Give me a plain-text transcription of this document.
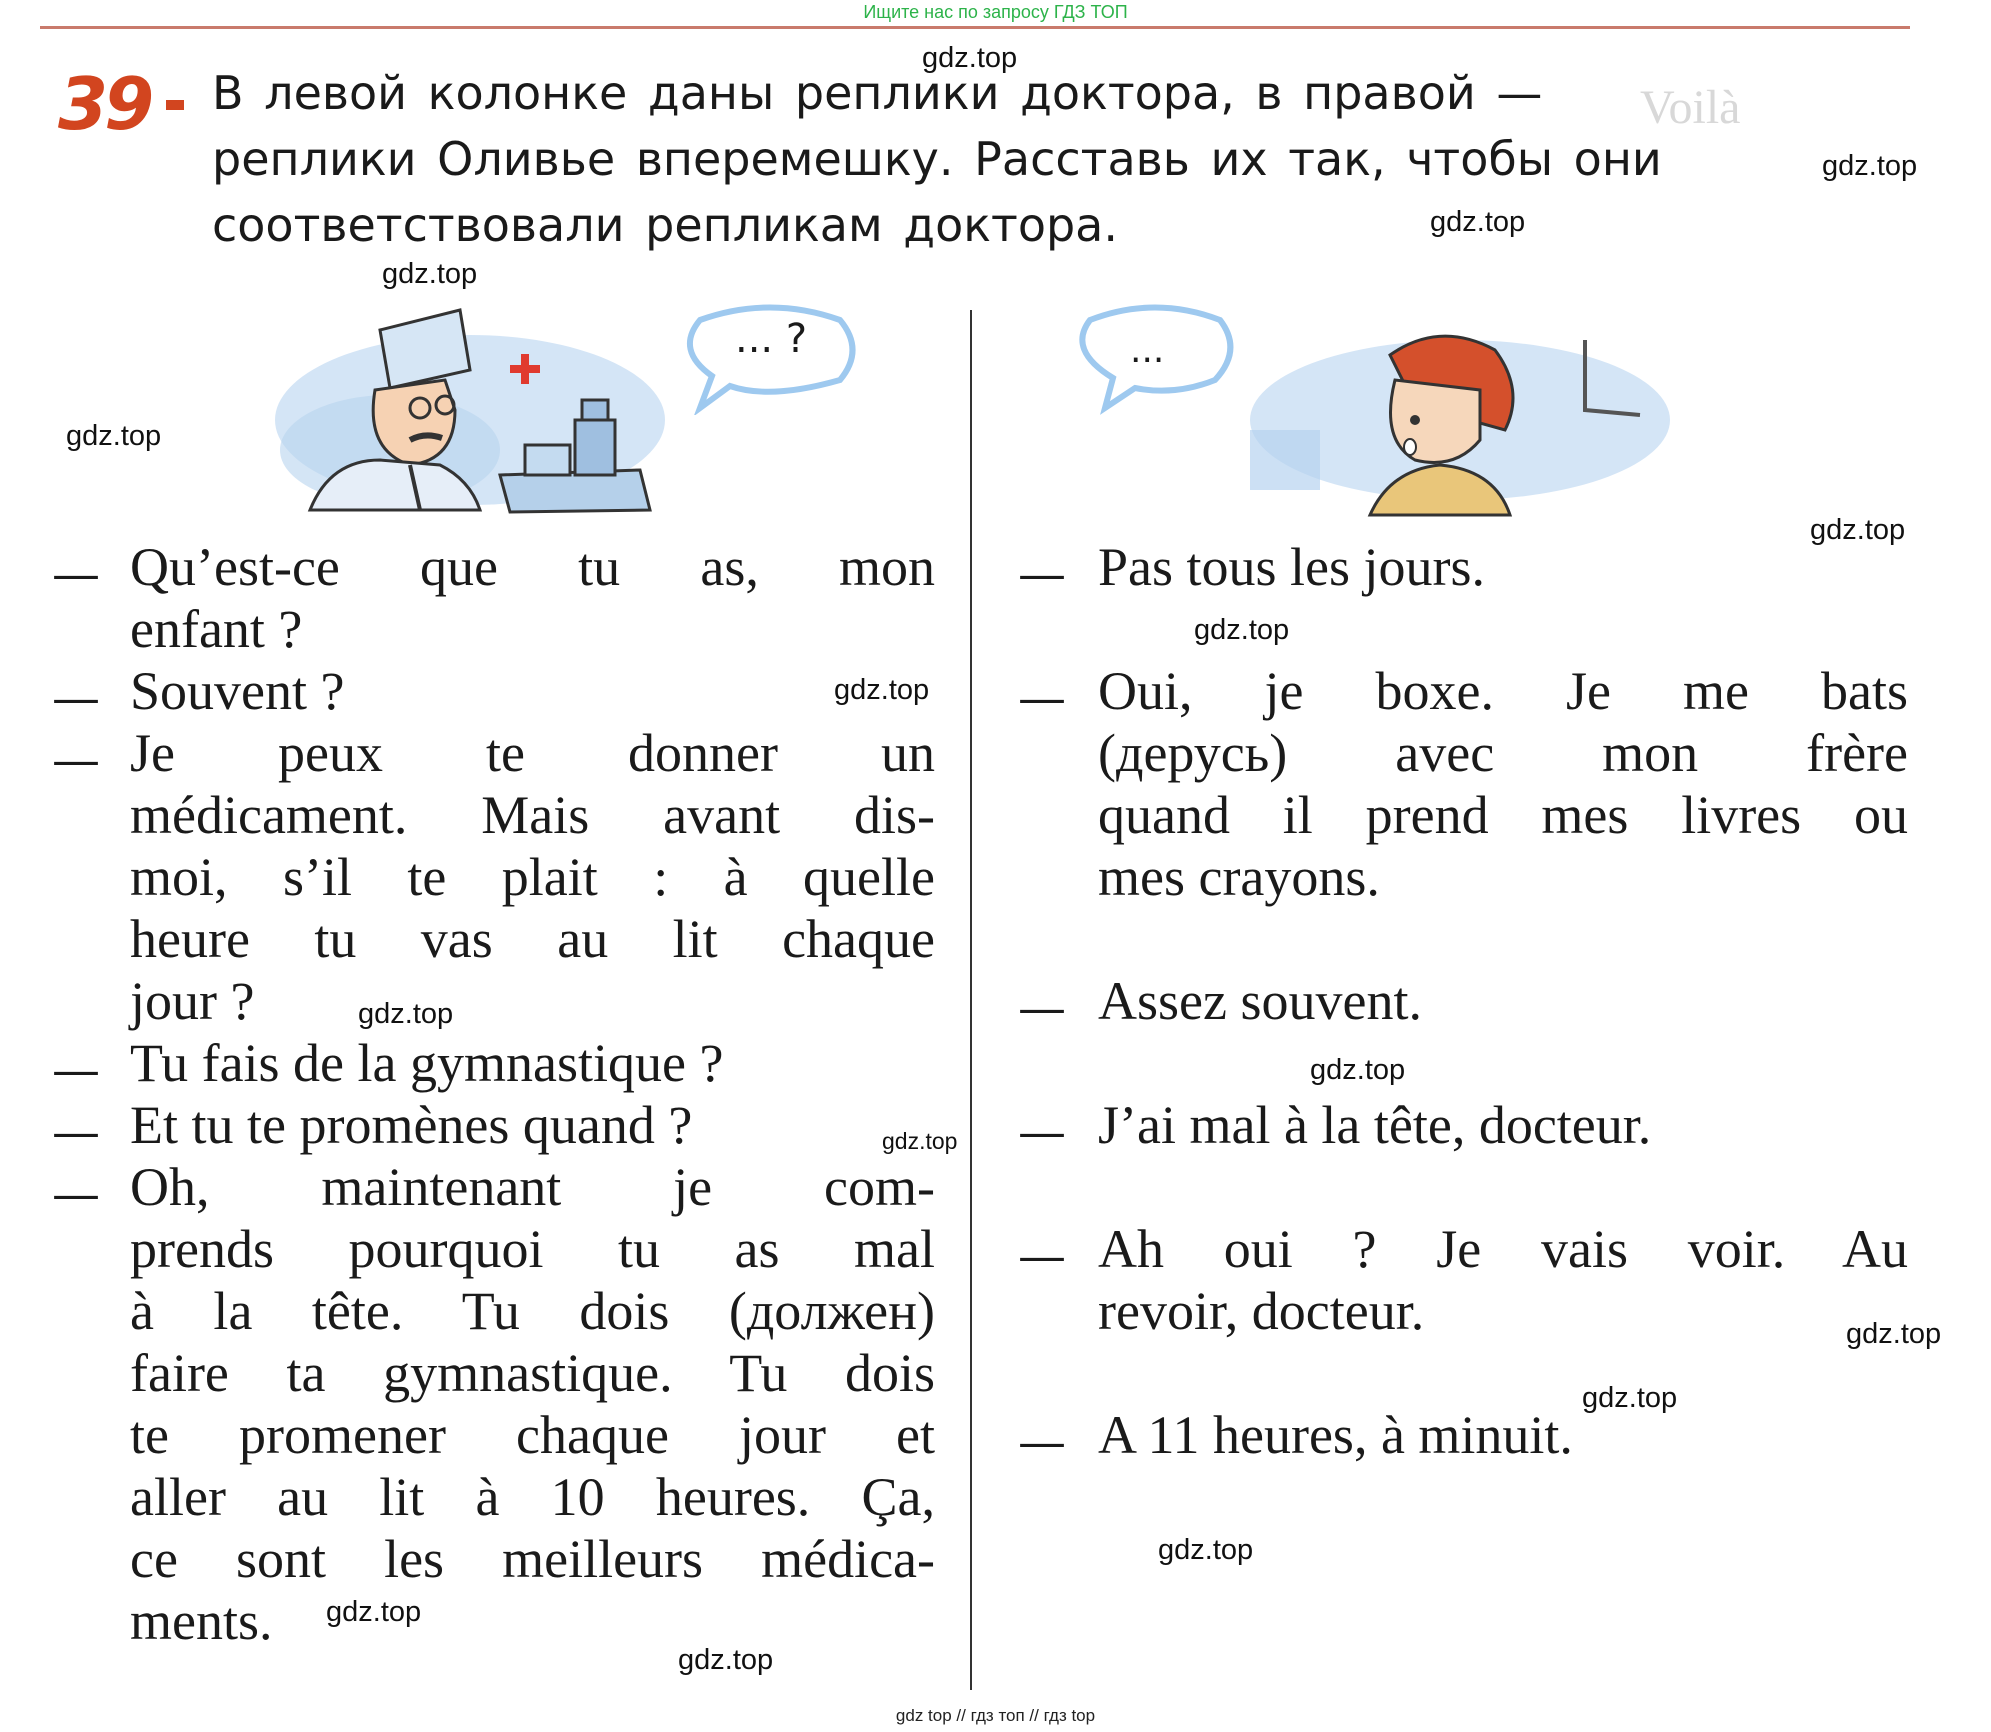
Ищите нас по запросу ГДЗ ТОП
Voilà
39 В левой колонке даны реплики доктора, в правой —
реплики Оливье вперемешку. Расставь их так, чтобы они
соответствовали репликам доктора.
... ?	...
— Qu’est-ce que tu as, mon
enfant ?
— Souvent ?
— Je peux te donner un
médicament. Mais avant dis-
moi, s’il te plait : à quelle
heure tu vas au lit chaque
jour ?
— Tu fais de la gymnastique ?
— Et tu te promènes quand ?
— Oh, maintenant je com-
prends pourquoi tu as mal
à la tête. Tu dois (должен)
faire ta gymnastique. Tu dois
te promener chaque jour et
aller au lit à 10 heures. Ça,
ce sont les meilleurs médica-
ments.
— Pas tous les jours.
— Oui, je boxe. Je me bats
(дерусь) avec mon frère
quand il prend mes livres ou
mes crayons.
— Assez souvent.
— J’ai mal à la tête, docteur.
— Ah oui ? Je vais voir. Au
revoir, docteur.
— A 11 heures, à minuit.
gdz.top
gdz.top
gdz.top
gdz.top
gdz.top
gdz.top
gdz.top
gdz.top
gdz.top
gdz.top
gdz.top
gdz.top
gdz.top
gdz.top
gdz.top
gdz.top
gdz top // гдз топ // гдз top
